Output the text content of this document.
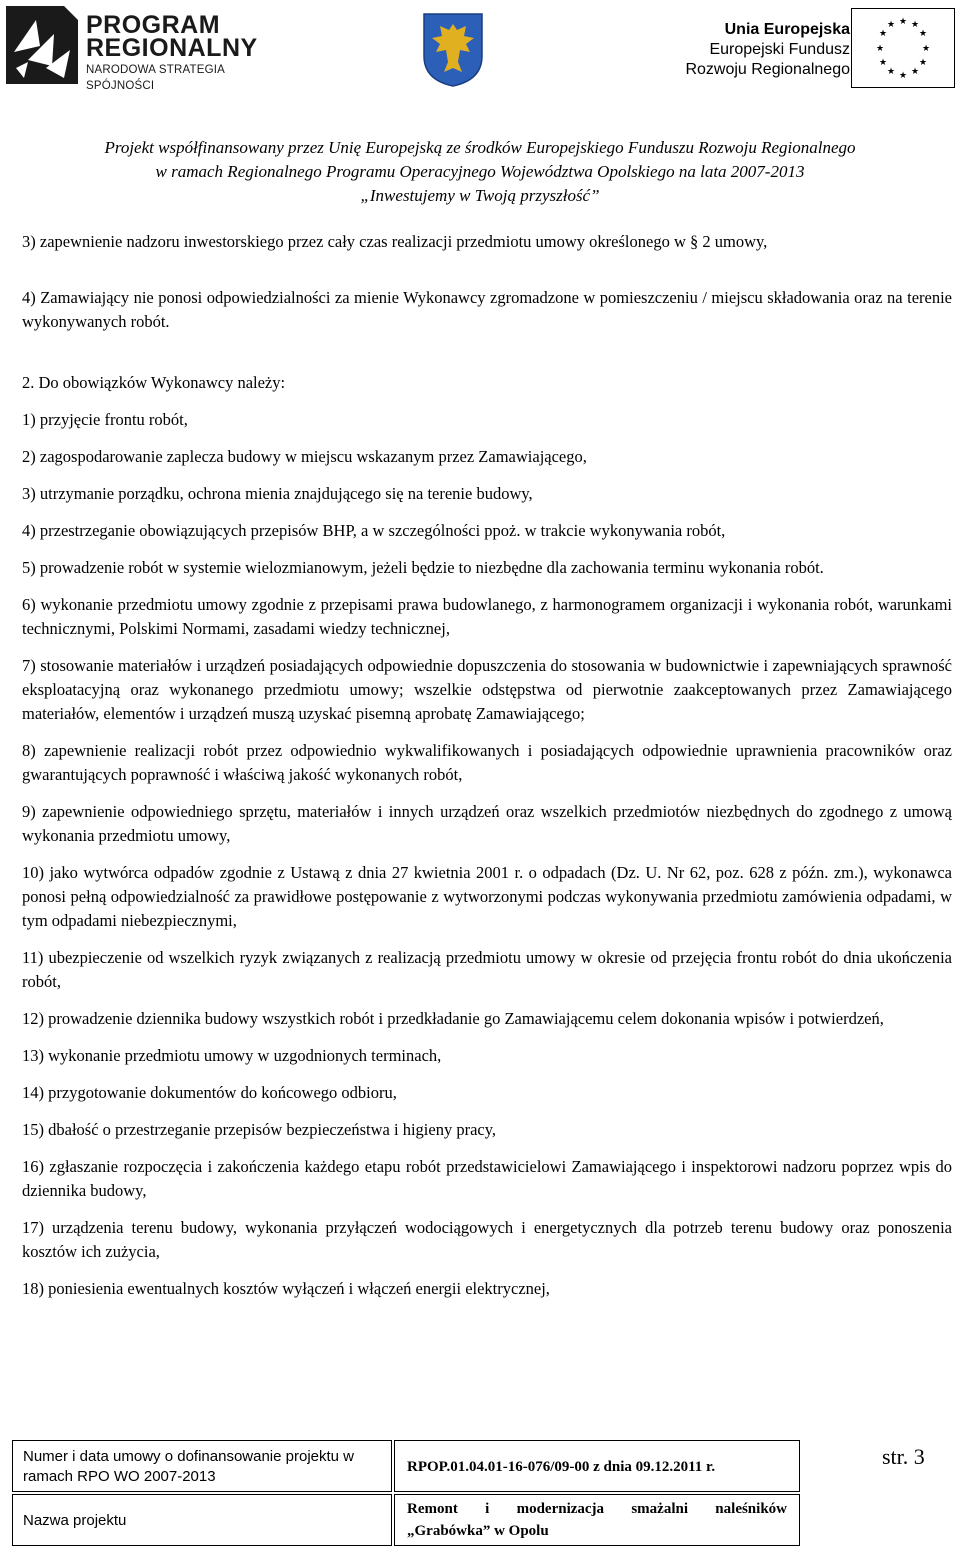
PROGRAM
REGIONALNY
NARODOWA STRATEGIA SPÓJNOŚCI
Unia Europejska
Europejski Fundusz
Rozwoju Regionalnego
★ ★
★
★
★
★
★
★
★
★
★
★
Projekt współfinansowany przez Unię Europejską ze środków Europejskiego Funduszu Rozwoju Regionalnego
w ramach Regionalnego Programu Operacyjnego Województwa Opolskiego na lata 2007-2013
„Inwestujemy w Twoją przyszłość”

3) zapewnienie nadzoru inwestorskiego przez cały czas realizacji przedmiotu umowy określonego w § 2 umowy,

4) Zamawiający nie ponosi odpowiedzialności za mienie Wykonawcy zgromadzone w pomieszczeniu / miejscu składowania oraz na terenie wykonywanych robót.

2. Do obowiązków Wykonawcy należy:

1) przyjęcie frontu robót,

2) zagospodarowanie zaplecza budowy w miejscu wskazanym przez Zamawiającego,

3) utrzymanie porządku, ochrona mienia znajdującego się na terenie budowy,

4) przestrzeganie obowiązujących przepisów BHP, a w szczególności ppoż. w trakcie wykonywania robót,

5) prowadzenie robót w systemie wielozmianowym, jeżeli będzie to niezbędne dla zachowania terminu wykonania robót.

6) wykonanie przedmiotu umowy zgodnie z przepisami prawa budowlanego, z harmonogramem organizacji i wykonania robót, warunkami technicznymi, Polskimi Normami, zasadami wiedzy technicznej,

7) stosowanie materiałów i urządzeń posiadających odpowiednie dopuszczenia do stosowania w budownictwie i zapewniających sprawność eksploatacyjną oraz wykonanego przedmiotu umowy; wszelkie odstępstwa od pierwotnie zaakceptowanych przez Zamawiającego materiałów, elementów i urządzeń muszą uzyskać pisemną aprobatę Zamawiającego;

8) zapewnienie realizacji robót przez odpowiednio wykwalifikowanych i posiadających odpowiednie uprawnienia pracowników oraz gwarantujących poprawność i właściwą jakość wykonanych robót,

9) zapewnienie odpowiedniego sprzętu, materiałów i innych urządzeń oraz wszelkich przedmiotów niezbędnych do zgodnego z umową wykonania przedmiotu umowy,

10) jako wytwórca odpadów zgodnie z Ustawą z dnia 27 kwietnia 2001 r. o odpadach (Dz. U. Nr 62, poz. 628 z późn. zm.), wykonawca ponosi pełną odpowiedzialność za prawidłowe postępowanie z wytworzonymi podczas wykonywania przedmiotu zamówienia odpadami, w tym odpadami niebezpiecznymi,

11) ubezpieczenie od wszelkich ryzyk związanych z realizacją przedmiotu umowy w okresie od przejęcia frontu robót do dnia ukończenia robót,

12) prowadzenie dziennika budowy wszystkich robót i przedkładanie go Zamawiającemu celem dokonania wpisów i potwierdzeń,

13) wykonanie przedmiotu umowy w uzgodnionych terminach,

14) przygotowanie dokumentów do końcowego odbioru,

15) dbałość o przestrzeganie przepisów bezpieczeństwa i higieny pracy,

16) zgłaszanie rozpoczęcia i zakończenia każdego etapu robót przedstawicielowi Zamawiającego i inspektorowi nadzoru poprzez wpis do dziennika budowy,

17) urządzenia terenu budowy, wykonania przyłączeń wodociągowych i energetycznych dla potrzeb terenu budowy oraz ponoszenia kosztów ich zużycia,

18) poniesienia ewentualnych kosztów wyłączeń i włączeń energii elektrycznej,

Numer i data umowy o dofinansowanie projektu w
ramach RPO WO 2007-2013
RPOP.01.04.01-16-076/09-00 z dnia 09.12.2011 r.
Nazwa projektu
Remont i modernizacja smażalni naleśników
„Grabówka” w Opolu
str. 3
